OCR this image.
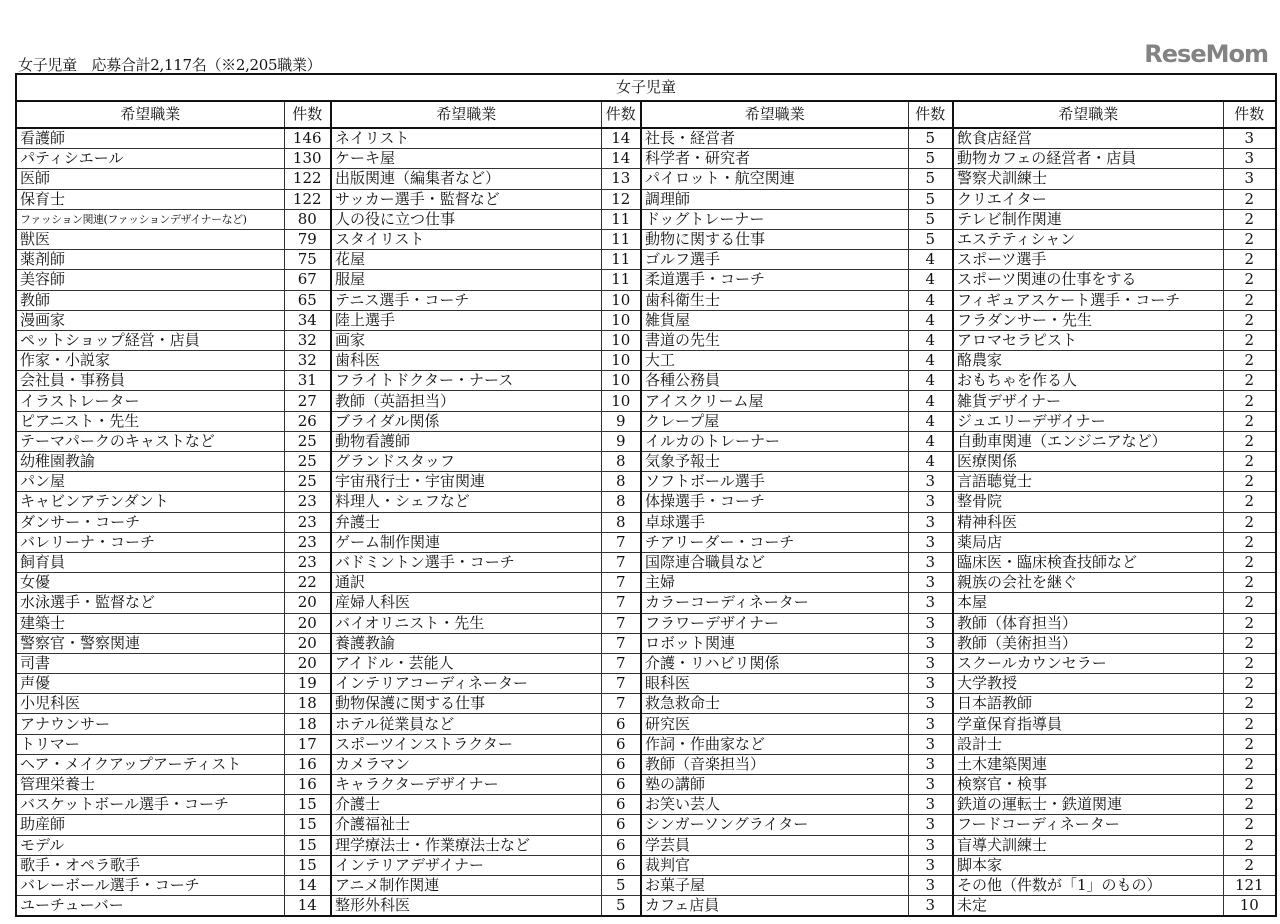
女子児童　応募合計2,117名（※2,205職業）
女子児童							
希望職業	件数	希望職業	件数	希望職業	件数	希望職業	件数
看護師	146	ネイリスト	14	社長・経営者	5	飲食店経営	3
パティシエール	130	ケーキ屋	14	科学者・研究者	5	動物カフェの経営者・店員	3
医師	122	出版関連（編集者など）	13	パイロット・航空関連	5	警察犬訓練士	3
保育士	122	サッカー選手・監督など	12	調理師	5	クリエイター	2
ファッション関連(ファッションデザイナーなど)	80	人の役に立つ仕事	11	ドッグトレーナー	5	テレビ制作関連	2
獣医	79	スタイリスト	11	動物に関する仕事	5	エステティシャン	2
薬剤師	75	花屋	11	ゴルフ選手	4	スポーツ選手	2
美容師	67	服屋	11	柔道選手・コーチ	4	スポーツ関連の仕事をする	2
教師	65	テニス選手・コーチ	10	歯科衛生士	4	フィギュアスケート選手・コーチ	2
漫画家	34	陸上選手	10	雑貨屋	4	フラダンサー・先生	2
ペットショップ経営・店員	32	画家	10	書道の先生	4	アロマセラピスト	2
作家・小説家	32	歯科医	10	大工	4	酪農家	2
会社員・事務員	31	フライトドクター・ナース	10	各種公務員	4	おもちゃを作る人	2
イラストレーター	27	教師（英語担当）	10	アイスクリーム屋	4	雑貨デザイナー	2
ピアニスト・先生	26	ブライダル関係	9	クレープ屋	4	ジュエリーデザイナー	2
テーマパークのキャストなど	25	動物看護師	9	イルカのトレーナー	4	自動車関連（エンジニアなど）	2
幼稚園教諭	25	グランドスタッフ	8	気象予報士	4	医療関係	2
パン屋	25	宇宙飛行士・宇宙関連	8	ソフトボール選手	3	言語聴覚士	2
キャビンアテンダント	23	料理人・シェフなど	8	体操選手・コーチ	3	整骨院	2
ダンサー・コーチ	23	弁護士	8	卓球選手	3	精神科医	2
バレリーナ・コーチ	23	ゲーム制作関連	7	チアリーダー・コーチ	3	薬局店	2
飼育員	23	バドミントン選手・コーチ	7	国際連合職員など	3	臨床医・臨床検査技師など	2
女優	22	通訳	7	主婦	3	親族の会社を継ぐ	2
水泳選手・監督など	20	産婦人科医	7	カラーコーディネーター	3	本屋	2
建築士	20	バイオリニスト・先生	7	フラワーデザイナー	3	教師（体育担当）	2
警察官・警察関連	20	養護教諭	7	ロボット関連	3	教師（美術担当）	2
司書	20	アイドル・芸能人	7	介護・リハビリ関係	3	スクールカウンセラー	2
声優	19	インテリアコーディネーター	7	眼科医	3	大学教授	2
小児科医	18	動物保護に関する仕事	7	救急救命士	3	日本語教師	2
アナウンサー	18	ホテル従業員など	6	研究医	3	学童保育指導員	2
トリマー	17	スポーツインストラクター	6	作詞・作曲家など	3	設計士	2
ヘア・メイクアップアーティスト	16	カメラマン	6	教師（音楽担当）	3	土木建築関連	2
管理栄養士	16	キャラクターデザイナー	6	塾の講師	3	検察官・検事	2
バスケットボール選手・コーチ	15	介護士	6	お笑い芸人	3	鉄道の運転士・鉄道関連	2
助産師	15	介護福祉士	6	シンガーソングライター	3	フードコーディネーター	2
モデル	15	理学療法士・作業療法士など	6	学芸員	3	盲導犬訓練士	2
歌手・オペラ歌手	15	インテリアデザイナー	6	裁判官	3	脚本家	2
バレーボール選手・コーチ	14	アニメ制作関連	5	お菓子屋	3	その他（件数が「1」のもの）	121
ユーチューバー	14	整形外科医	5	カフェ店員	3	未定	10
ReseMom
